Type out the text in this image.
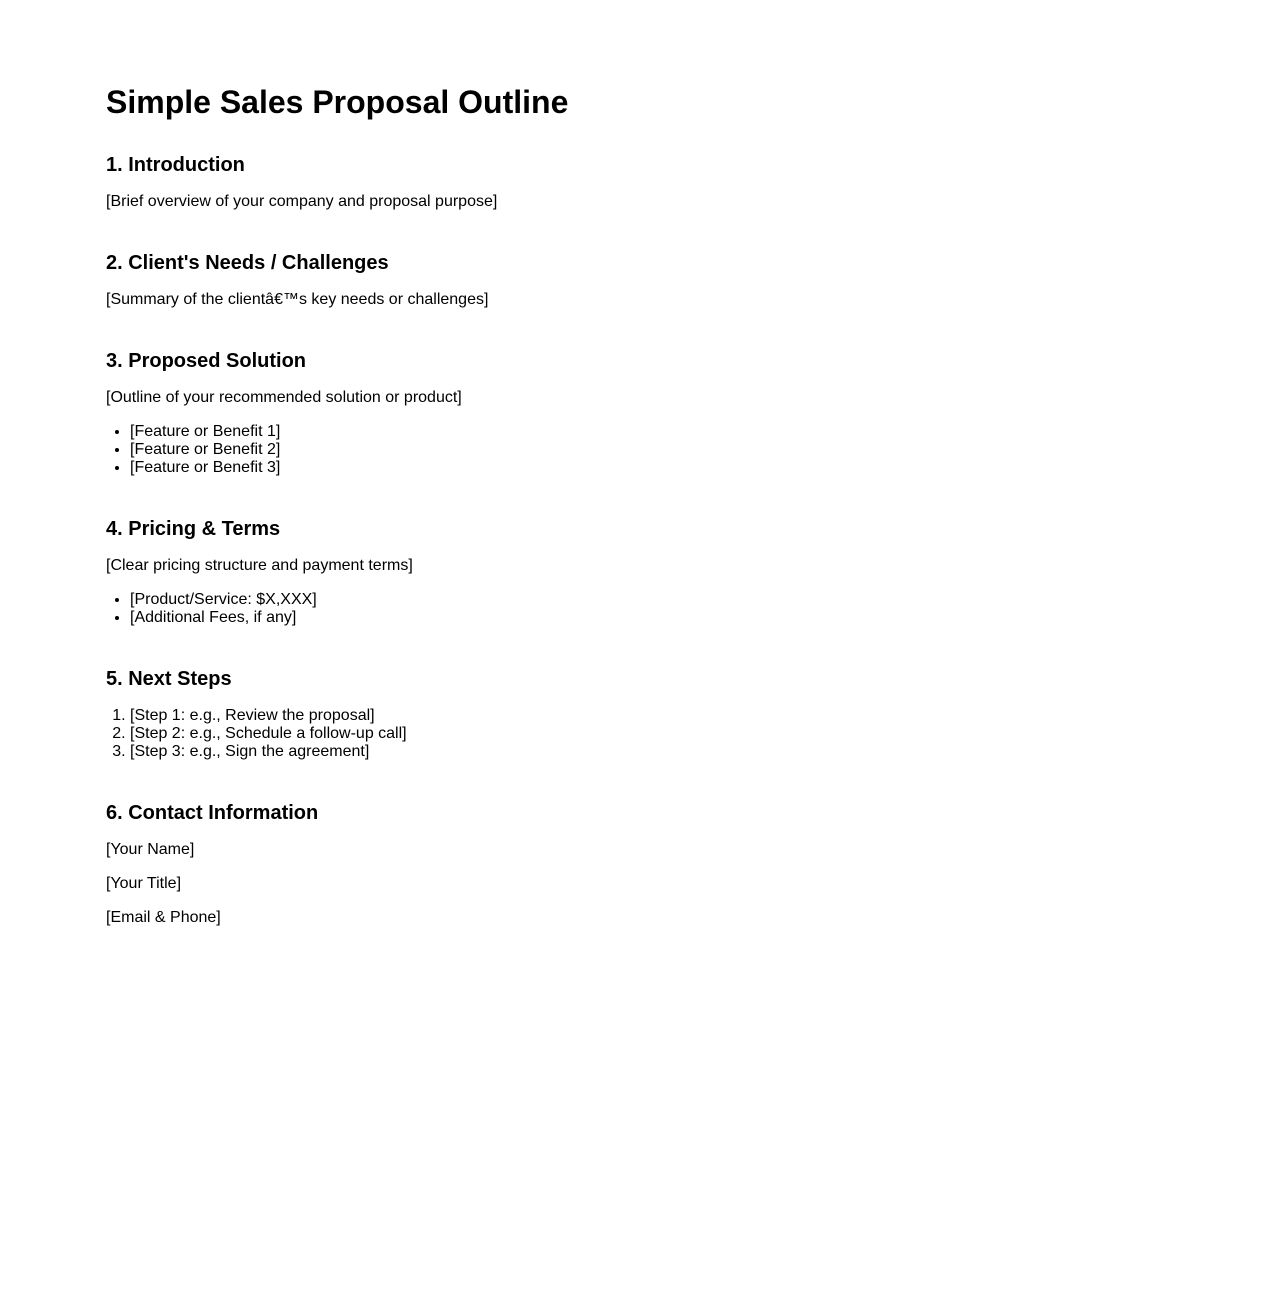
Simple Sales Proposal Outline
1. Introduction

[Brief overview of your company and proposal purpose]

2. Client's Needs / Challenges

[Summary of the clientâ€™s key needs or challenges]

3. Proposed Solution

[Outline of your recommended solution or product]

• [Feature or Benefit 1]
• [Feature or Benefit 2]
• [Feature or Benefit 3]
4. Pricing & Terms

[Clear pricing structure and payment terms]

• [Product/Service: $X,XXX]
• [Additional Fees, if any]
5. Next Steps
1. [Step 1: e.g., Review the proposal]
2. [Step 2: e.g., Schedule a follow-up call]
3. [Step 3: e.g., Sign the agreement]
6. Contact Information

[Your Name]

[Your Title]

[Email & Phone]
